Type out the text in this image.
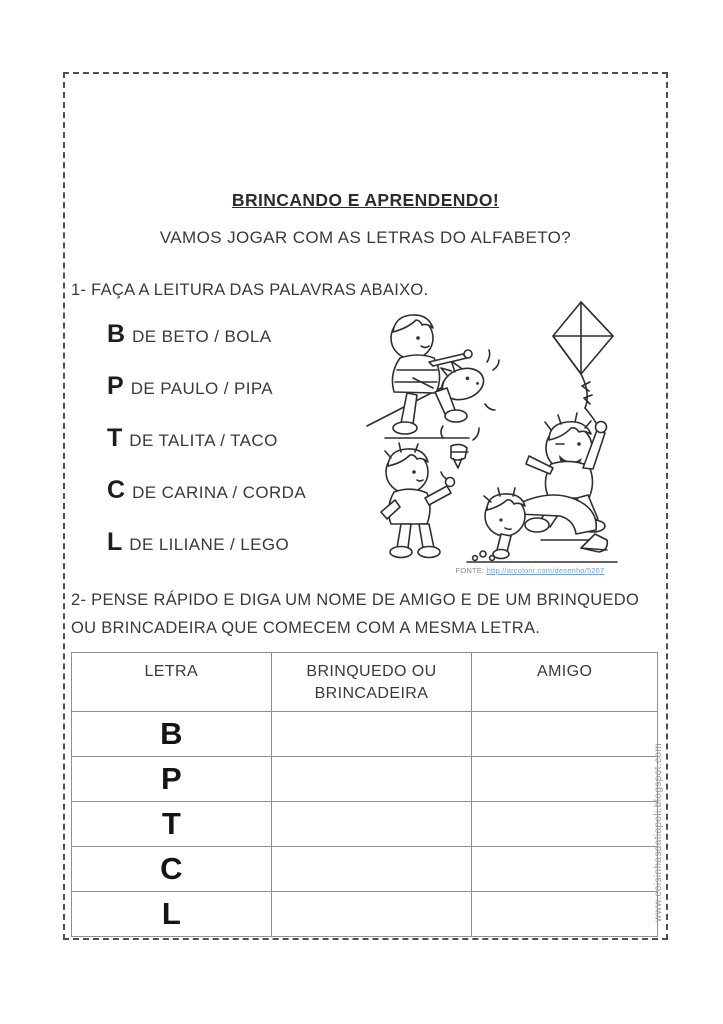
BRINCANDO E APRENDENDO!
VAMOS JOGAR COM AS LETRAS DO ALFABETO?
1- FAÇA A LEITURA DAS PALAVRAS ABAIXO.
B DE BETO / BOLA
P DE PAULO / PIPA
T DE TALITA / TACO
C DE CARINA / CORDA
L DE LILIANE / LEGO
FONTE: http://arcolorir.com/desenho/5267
2- PENSE RÁPIDO E DIGA UM NOME DE AMIGO E DE UM BRINQUEDO OU BRINCADEIRA QUE COMECEM COM A MESMA LETRA.
LETRA	BRINQUEDO OU BRINCADEIRA	AMIGO
B		
P		
T		
C		
L			www.coisinhasdatiapoli.blogspot.com
